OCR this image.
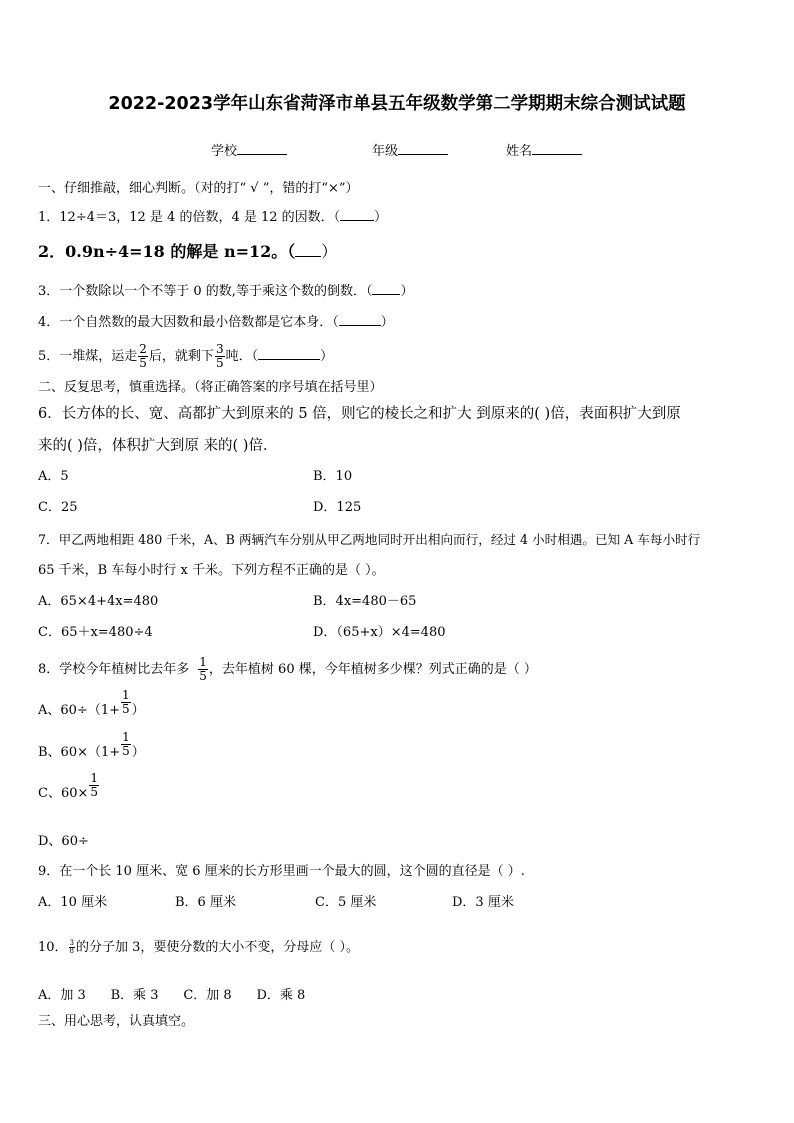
2022-2023学年山东省菏泽市单县五年级数学第二学期期末综合测试试题
学校	年级	姓名
一、仔细推敲，细心判断。（对的打“ √ ”，错的打“×”）
1．12÷4＝3，12 是 4 的倍数，4 是 12 的因数．（	）
2．0.9n÷4=18 的解是 n=12。（ ）
3．一个数除以一个不等于 0 的数,等于乘这个数的倒数．（ ）
4．一个自然数的最大因数和最小倍数都是它本身．（	）
5．一堆煤，运走 $\frac{2}{5}$ 后，就剩下 $\frac{3}{5}$ 吨．（	）
二、反复思考，慎重选择。（将正确答案的序号填在括号里）
6．长方体的长、宽、高都扩大到原来的 5 倍，则它的棱长之和扩大 到原来的( )倍，表面积扩大到原
来的( )倍，体积扩大到原 来的( )倍．
A．5	B．10
C．25	D．125
7．甲乙两地相距 480 千米，A、B 两辆汽车分别从甲乙两地同时开出相向而行，经过 4 小时相遇。已知 A 车每小时行
65 千米，B 车每小时行 x 千米。下列方程不正确的是（ ）。
A．65×4+4x=480	B．4x=480－65
C．65＋x=480÷4	D．（65+x）×4=480
8．学校今年植树比去年多 $\frac{1}{5}$ ，去年植树 60 棵，今年植树多少棵？列式正确的是（ ）
A、$60\div(1+ \frac{1}{5}$ ）
B、$60\times(1+ \frac{1}{5}$ ）
C、$60\times \frac{1}{5}$
D、60÷
9．在一个长 10 厘米、宽 6 厘米的长方形里画一个最大的圆，这个圆的直径是（ ）.
A．10 厘米	B．6 厘米	C．5 厘米	D．3 厘米
10． $\frac{3}{8}$ 的分子加 3，要使分数的大小不变，分母应（ ）。
A．加 3      B．乘 3      C．加 8      D．乘 8
三、用心思考，认真填空。
